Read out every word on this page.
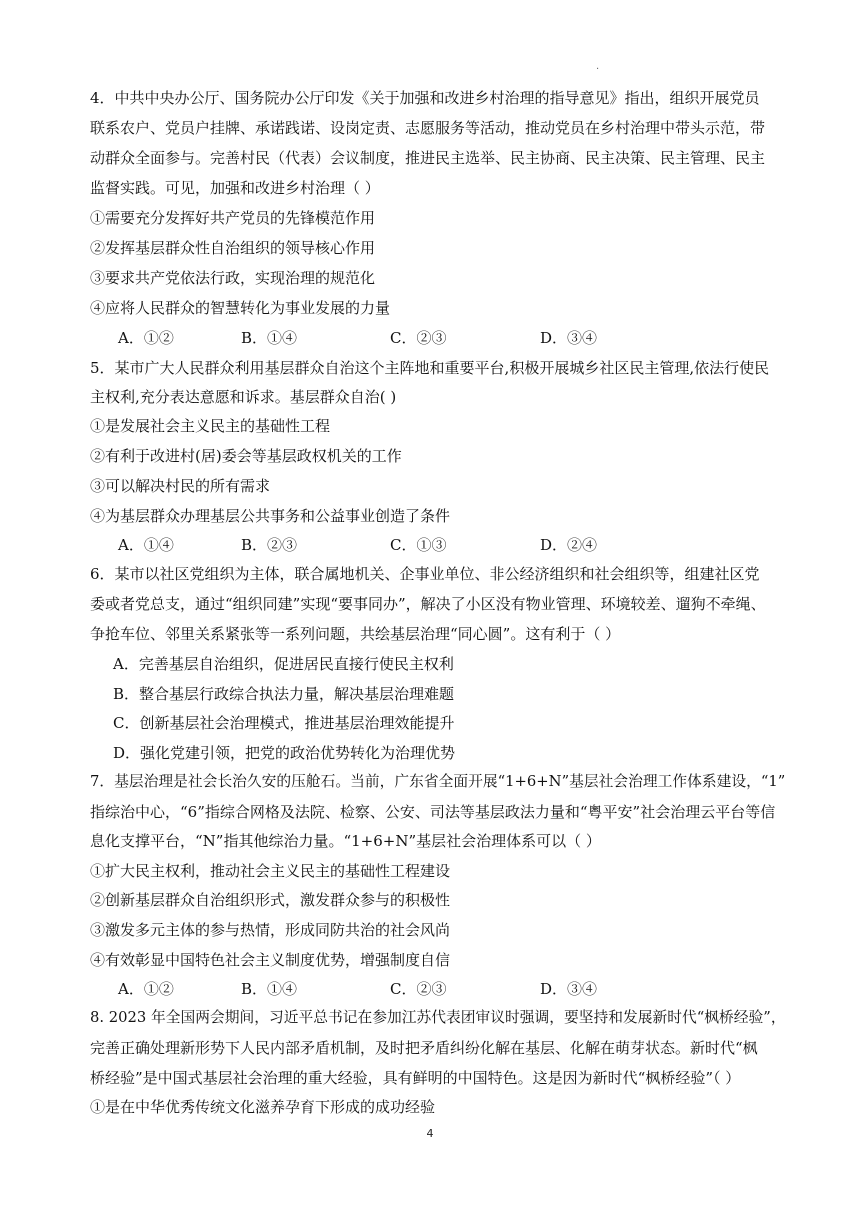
·
4．中共中央办公厅、国务院办公厅印发《关于加强和改进乡村治理的指导意见》指出，组织开展党员
联系农户、党员户挂牌、承诺践诺、设岗定责、志愿服务等活动，推动党员在乡村治理中带头示范，带
动群众全面参与。完善村民（代表）会议制度，推进民主选举、民主协商、民主决策、民主管理、民主
监督实践。可见，加强和改进乡村治理（ ）
①需要充分发挥好共产党员的先锋模范作用
②发挥基层群众性自治组织的领导核心作用
③要求共产党依法行政，实现治理的规范化
④应将人民群众的智慧转化为事业发展的力量
A．①②	B．①④	C．②③	D．③④
5．某市广大人民群众利用基层群众自治这个主阵地和重要平台,积极开展城乡社区民主管理,依法行使民
主权利,充分表达意愿和诉求。基层群众自治( )
①是发展社会主义民主的基础性工程
②有利于改进村(居)委会等基层政权机关的工作
③可以解决村民的所有需求
④为基层群众办理基层公共事务和公益事业创造了条件
A．①④	B．②③	C．①③	D．②④
6．某市以社区党组织为主体，联合属地机关、企事业单位、非公经济组织和社会组织等，组建社区党
委或者党总支，通过“组织同建”实现“要事同办”，解决了小区没有物业管理、环境较差、遛狗不牵绳、
争抢车位、邻里关系紧张等一系列问题，共绘基层治理“同心圆”。这有利于（ ）
A．完善基层自治组织，促进居民直接行使民主权利
B．整合基层行政综合执法力量，解决基层治理难题
C．创新基层社会治理模式，推进基层治理效能提升
D．强化党建引领，把党的政治优势转化为治理优势
7．基层治理是社会长治久安的压舱石。当前，广东省全面开展“1+6+N”基层社会治理工作体系建设，“1”
指综治中心，“6”指综合网格及法院、检察、公安、司法等基层政法力量和“粤平安”社会治理云平台等信
息化支撑平台，“N”指其他综治力量。“1+6+N”基层社会治理体系可以（ ）
①扩大民主权利，推动社会主义民主的基础性工程建设
②创新基层群众自治组织形式，激发群众参与的积极性
③激发多元主体的参与热情，形成同防共治的社会风尚
④有效彰显中国特色社会主义制度优势，增强制度自信
A．①②	B．①④	C．②③	D．③④
8. 2023 年全国两会期间，习近平总书记在参加江苏代表团审议时强调，要坚持和发展新时代“枫桥经验”，
完善正确处理新形势下人民内部矛盾机制，及时把矛盾纠纷化解在基层、化解在萌芽状态。新时代“枫
桥经验”是中国式基层社会治理的重大经验，具有鲜明的中国特色。这是因为新时代“枫桥经验”（ ）
①是在中华优秀传统文化滋养孕育下形成的成功经验
4
